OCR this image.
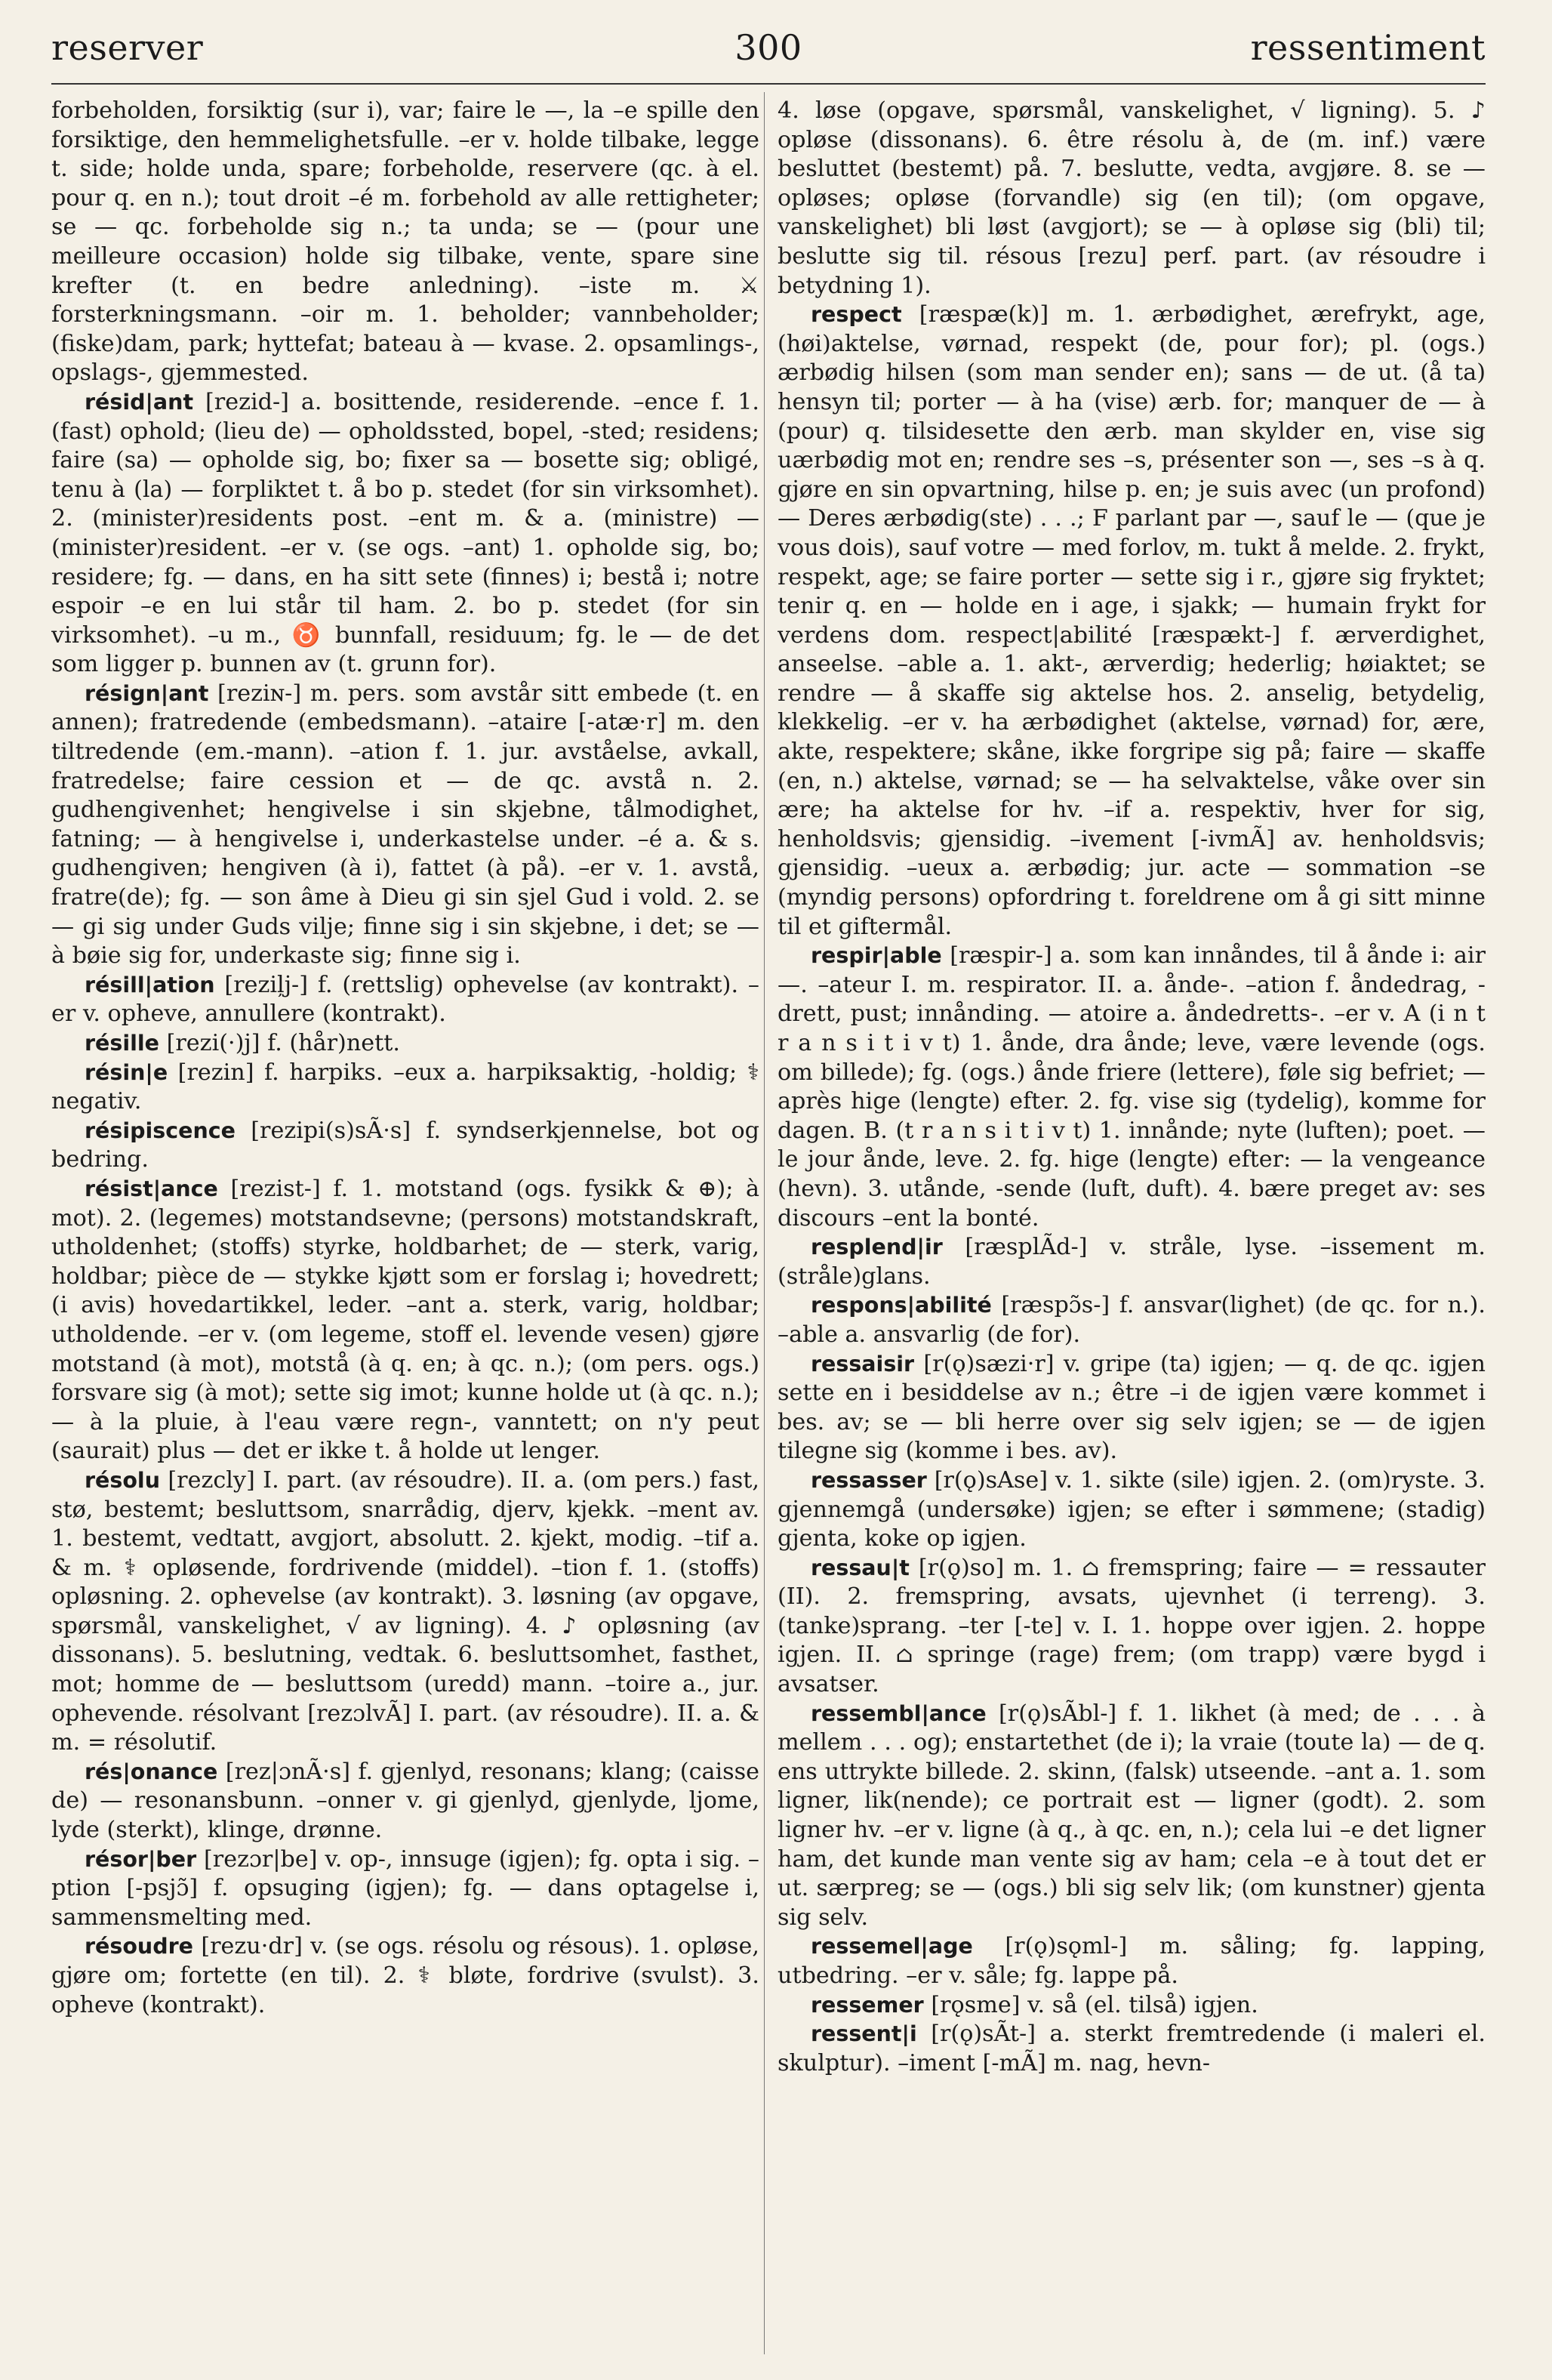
reserver	300	ressentiment

forbeholden, forsiktig (sur i), var; faire le —, la –e spille den forsiktige, den hemmelighetsfulle. –er v. holde tilbake, legge t. side; holde unda, spare; forbeholde, reservere (qc. à el. pour q. en n.); tout droit –é m. forbehold av alle rettigheter; se — qc. forbeholde sig n.; ta unda; se — (pour une meilleure occasion) holde sig tilbake, vente, spare sine krefter (t. en bedre anledning). –iste m. ⚔ forsterkningsmann. –oir m. 1. beholder; vannbeholder; (fiske)dam, park; hyttefat; bateau à — kvase. 2. opsamlings-, opslags-, gjemmested.

résid|ant [rezid-] a. bosittende, residerende. –ence f. 1. (fast) ophold; (lieu de) — opholdssted, bopel, -sted; residens; faire (sa) — opholde sig, bo; fixer sa — bosette sig; obligé, tenu à (la) — forpliktet t. å bo p. stedet (for sin virksomhet). 2. (minister)residents post. –ent m. & a. (ministre) — (minister)resident. –er v. (se ogs. –ant) 1. opholde sig, bo; residere; fg. — dans, en ha sitt sete (finnes) i; bestå i; notre espoir –e en lui står til ham. 2. bo p. stedet (for sin virksomhet). –u m., ♉ bunnfall, residuum; fg. le — de det som ligger p. bunnen av (t. grunn for).

résign|ant [reziɴ-] m. pers. som avstår sitt embede (t. en annen); fratredende (embedsmann). –ataire [-atæ·r] m. den tiltredende (em.-mann). –ation f. 1. jur. avståelse, avkall, fratredelse; faire cession et — de qc. avstå n. 2. gudhengivenhet; hengivelse i sin skjebne, tålmodighet, fatning; — à hengivelse i, underkastelse under. –é a. & s. gudhengiven; hengiven (à i), fattet (à på). –er v. 1. avstå, fratre(de); fg. — son âme à Dieu gi sin sjel Gud i vold. 2. se — gi sig under Guds vilje; finne sig i sin skjebne, i det; se — à bøie sig for, underkaste sig; finne sig i.

résill|ation [reziļj-] f. (rettslig) ophevelse (av kontrakt). –er v. opheve, annullere (kontrakt).

résille [rezi(·)j] f. (hår)nett.

résin|e [rezin] f. harpiks. –eux a. harpiksaktig, -holdig; ⚕ negativ.

résipiscence [rezipi(s)sÃ·s] f. syndserkjennelse, bot og bedring.

résist|ance [rezist-] f. 1. motstand (ogs. fysikk & ⊕); à mot). 2. (legemes) motstandsevne; (persons) motstandskraft, utholdenhet; (stoffs) styrke, holdbarhet; de — sterk, varig, holdbar; pièce de — stykke kjøtt som er forslag i; hovedrett; (i avis) hovedartikkel, leder. –ant a. sterk, varig, holdbar; utholdende. –er v. (om legeme, stoff el. levende vesen) gjøre motstand (à mot), motstå (à q. en; à qc. n.); (om pers. ogs.) forsvare sig (à mot); sette sig imot; kunne holde ut (à qc. n.); — à la pluie, à l'eau være regn-, vanntett; on n'y peut (saurait) plus — det er ikke t. å holde ut lenger.

résolu [rezcly] I. part. (av résoudre). II. a. (om pers.) fast, stø, bestemt; besluttsom, snarrådig, djerv, kjekk. –ment av. 1. bestemt, vedtatt, avgjort, absolutt. 2. kjekt, modig. –tif a. & m. ⚕ opløsende, fordrivende (middel). –tion f. 1. (stoffs) opløsning. 2. ophevelse (av kontrakt). 3. løsning (av opgave, spørsmål, vanskelighet, √ av ligning). 4. ♪ opløsning (av dissonans). 5. beslutning, vedtak. 6. besluttsomhet, fasthet, mot; homme de — besluttsom (uredd) mann. –toire a., jur. ophevende. résolvant [rezɔlvÃ] I. part. (av résoudre). II. a. & m. = résolutif.

rés|onance [rez|ɔnÃ·s] f. gjenlyd, resonans; klang; (caisse de) — resonansbunn. –onner v. gi gjenlyd, gjenlyde, ljome, lyde (sterkt), klinge, drønne.

résor|ber [rezɔr|be] v. op-, innsuge (igjen); fg. opta i sig. –ption [-psjɔ̃] f. opsuging (igjen); fg. — dans optagelse i, sammensmelting med.

résoudre [rezu·dr] v. (se ogs. résolu og résous). 1. opløse, gjøre om; fortette (en til). 2. ⚕ bløte, fordrive (svulst). 3. opheve (kontrakt).

4. løse (opgave, spørsmål, vanskelighet, √ ligning). 5. ♪ opløse (dissonans). 6. être résolu à, de (m. inf.) være besluttet (bestemt) på. 7. beslutte, vedta, avgjøre. 8. se — opløses; opløse (forvandle) sig (en til); (om opgave, vanskelighet) bli løst (avgjort); se — à opløse sig (bli) til; beslutte sig til. résous [rezu] perf. part. (av résoudre i betydning 1).

respect [ræspæ(k)] m. 1. ærbødighet, ærefrykt, age, (høi)aktelse, vørnad, respekt (de, pour for); pl. (ogs.) ærbødig hilsen (som man sender en); sans — de ut. (å ta) hensyn til; porter — à ha (vise) ærb. for; manquer de — à (pour) q. tilsidesette den ærb. man skylder en, vise sig uærbødig mot en; rendre ses –s, présenter son —, ses –s à q. gjøre en sin opvartning, hilse p. en; je suis avec (un profond) — Deres ærbødig(ste) . . .; F parlant par —, sauf le — (que je vous dois), sauf votre — med forlov, m. tukt å melde. 2. frykt, respekt, age; se faire porter — sette sig i r., gjøre sig fryktet; tenir q. en — holde en i age, i sjakk; — humain frykt for verdens dom. respect|abilité [ræspækt-] f. ærverdighet, anseelse. –able a. 1. akt-, ærverdig; hederlig; høiaktet; se rendre — å skaffe sig aktelse hos. 2. anselig, betydelig, klekkelig. –er v. ha ærbødighet (aktelse, vørnad) for, ære, akte, respektere; skåne, ikke forgripe sig på; faire — skaffe (en, n.) aktelse, vørnad; se — ha selvaktelse, våke over sin ære; ha aktelse for hv. –if a. respektiv, hver for sig, henholdsvis; gjensidig. –ivement [-ivmÃ] av. henholdsvis; gjensidig. –ueux a. ærbødig; jur. acte — sommation –se (myndig persons) opfordring t. foreldrene om å gi sitt minne til et giftermål.

respir|able [ræspir-] a. som kan innåndes, til å ånde i: air —. –ateur I. m. respirator. II. a. ånde-. –ation f. åndedrag, -drett, pust; innånding. — atoire a. åndedretts-. –er v. A (i n t r a n s i t i v t) 1. ånde, dra ånde; leve, være levende (ogs. om billede); fg. (ogs.) ånde friere (lettere), føle sig befriet; — après hige (lengte) efter. 2. fg. vise sig (tydelig), komme for dagen. B. (t r a n s i t i v t) 1. innånde; nyte (luften); poet. — le jour ånde, leve. 2. fg. hige (lengte) efter: — la vengeance (hevn). 3. utånde, -sende (luft, duft). 4. bære preget av: ses discours –ent la bonté.

resplend|ir [ræsplÃd-] v. stråle, lyse. –issement m. (stråle)glans.

respons|abilité [ræspɔ̃s-] f. ansvar(lighet) (de qc. for n.). –able a. ansvarlig (de for).

ressaisir [r(ǫ)sæzi·r] v. gripe (ta) igjen; — q. de qc. igjen sette en i besiddelse av n.; être –i de igjen være kommet i bes. av; se — bli herre over sig selv igjen; se — de igjen tilegne sig (komme i bes. av).

ressasser [r(ǫ)sAse] v. 1. sikte (sile) igjen. 2. (om)ryste. 3. gjennemgå (undersøke) igjen; se efter i sømmene; (stadig) gjenta, koke op igjen.

ressau|t [r(ǫ)so] m. 1. ⌂ fremspring; faire — = ressauter (II). 2. fremspring, avsats, ujevnhet (i terreng). 3. (tanke)sprang. –ter [-te] v. I. 1. hoppe over igjen. 2. hoppe igjen. II. ⌂ springe (rage) frem; (om trapp) være bygd i avsatser.

ressembl|ance [r(ǫ)sÃbl-] f. 1. likhet (à med; de . . . à mellem . . . og); enstartethet (de i); la vraie (toute la) — de q. ens uttrykte billede. 2. skinn, (falsk) utseende. –ant a. 1. som ligner, lik(nende); ce portrait est — ligner (godt). 2. som ligner hv. –er v. ligne (à q., à qc. en, n.); cela lui –e det ligner ham, det kunde man vente sig av ham; cela –e à tout det er ut. særpreg; se — (ogs.) bli sig selv lik; (om kunstner) gjenta sig selv.

ressemel|age [r(ǫ)sǫml-] m. såling; fg. lapping, utbedring. –er v. såle; fg. lappe på.

ressemer [rǫsme] v. så (el. tilså) igjen.

ressent|i [r(ǫ)sÃt-] a. sterkt fremtredende (i maleri el. skulptur). –iment [-mÃ] m. nag, hevn-
